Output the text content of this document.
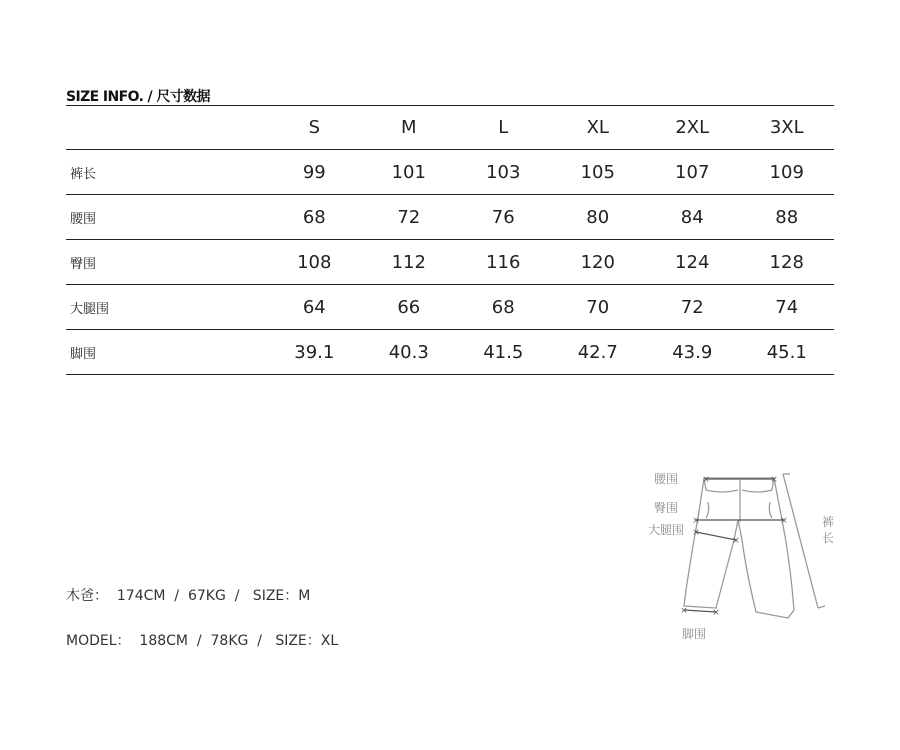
SIZE INFO. / 尺寸数据
	S	M	L	XL	2XL	3XL
裤长	99	101	103	105	107	109
腰围	68	72	76	80	84	88
臀围	108	112	116	120	124	128
大腿围	64	66	68	70	72	74
脚围	39.1	40.3	41.5	42.7	43.9	45.1
木爸：  174CM  /  67KG  /   SIZE：M
MODEL：  188CM  /  78KG  /   SIZE：XL
×	×
×	×
×
×
×	×
腰围
臀围
大腿围
裤
长
脚围
